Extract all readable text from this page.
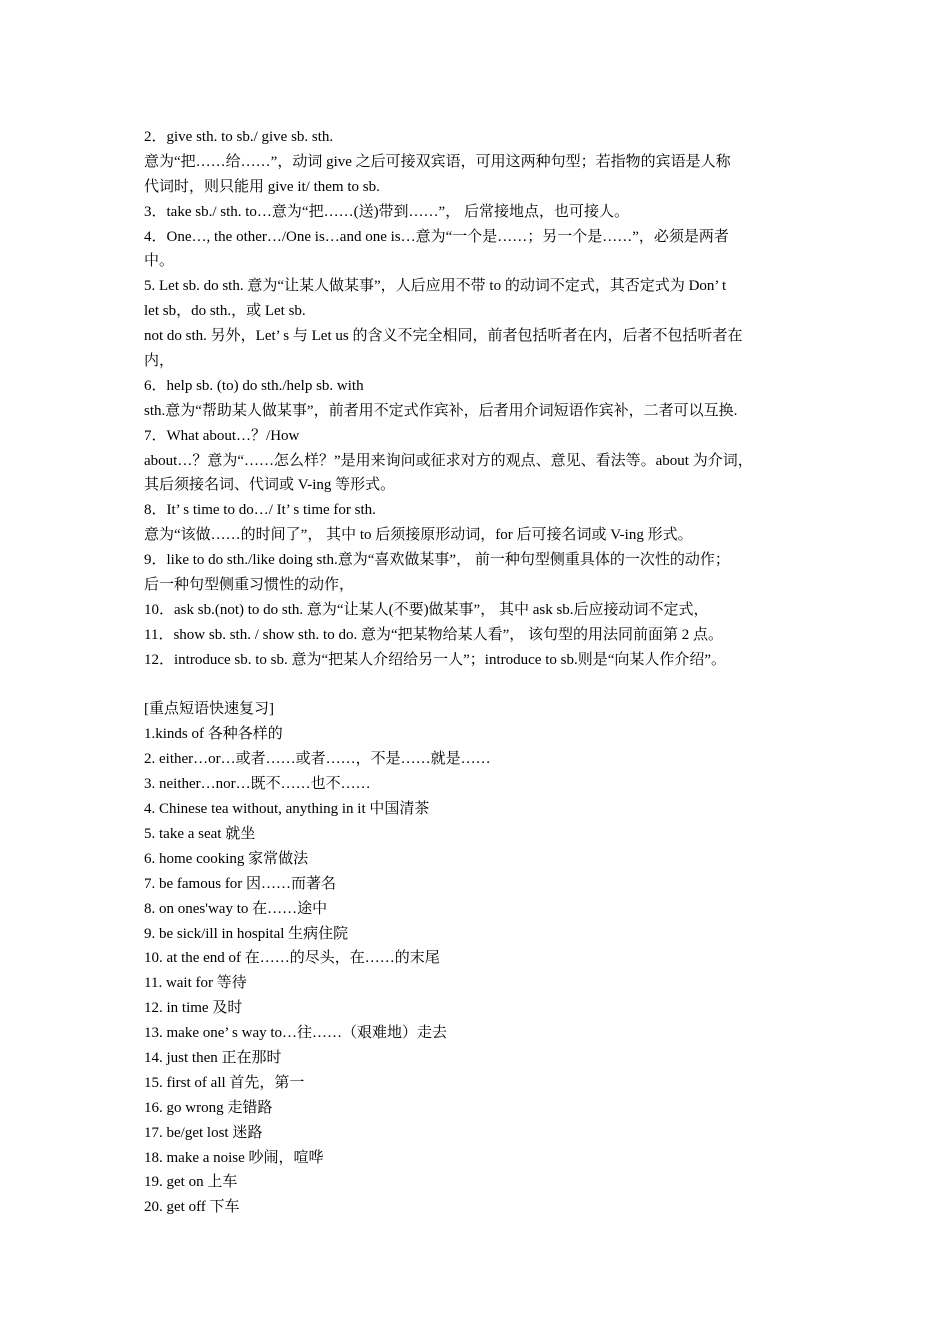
2．give sth. to sb./ give sb. sth.
意为“把……给……”，动词 give 之后可接双宾语，可用这两种句型；若指物的宾语是人称
代词时，则只能用 give it/ them to sb.
3．take sb./ sth. to…意为“把……(送)带到……”， 后常接地点，也可接人。
4．One…, the other…/One is…and one is…意为“一个是……；另一个是……”，必须是两者
中。
5. Let sb. do sth. 意为“让某人做某事”，人后应用不带 to 的动词不定式，其否定式为 Don’ t
let sb，do sth.，或 Let sb.
not do sth. 另外，Let’ s 与 Let us 的含义不完全相同，前者包括听者在内，后者不包括听者在
内，
6．help sb. (to) do sth./help sb. with
sth.意为“帮助某人做某事”，前者用不定式作宾补，后者用介词短语作宾补，二者可以互换.
7．What about…？/How
about…？意为“……怎么样？”是用来询问或征求对方的观点、意见、看法等。about 为介词，
其后须接名词、代词或 V-ing 等形式。
8．It’ s time to do…/ It’ s time for sth.
意为“该做……的时间了”， 其中 to 后须接原形动词，for 后可接名词或 V-ing 形式。
9．like to do sth./like doing sth.意为“喜欢做某事”， 前一种句型侧重具体的一次性的动作；
后一种句型侧重习惯性的动作，
10．ask sb.(not) to do sth. 意为“让某人(不要)做某事”， 其中 ask sb.后应接动词不定式，
11．show sb. sth. / show sth. to do. 意为“把某物给某人看”， 该句型的用法同前面第 2 点。
12．introduce sb. to sb. 意为“把某人介绍给另一人”；introduce to sb.则是“向某人作介绍”。
[重点短语快速复习]
1.kinds of 各种各样的
2. either…or…或者……或者……，不是……就是……
3. neither…nor…既不……也不……
4. Chinese tea without, anything in it 中国清茶
5. take a seat 就坐
6. home cooking 家常做法
7. be famous for 因……而著名
8. on ones'way to 在……途中
9. be sick/ill in hospital 生病住院
10. at the end of 在……的尽头，在……的末尾
11. wait for 等待
12. in time 及时
13. make one’ s way to…往……（艰难地）走去
14. just then 正在那时
15. first of all 首先，第一
16. go wrong 走错路
17. be/get lost 迷路
18. make a noise 吵闹，喧哗
19. get on 上车
20. get off 下车
